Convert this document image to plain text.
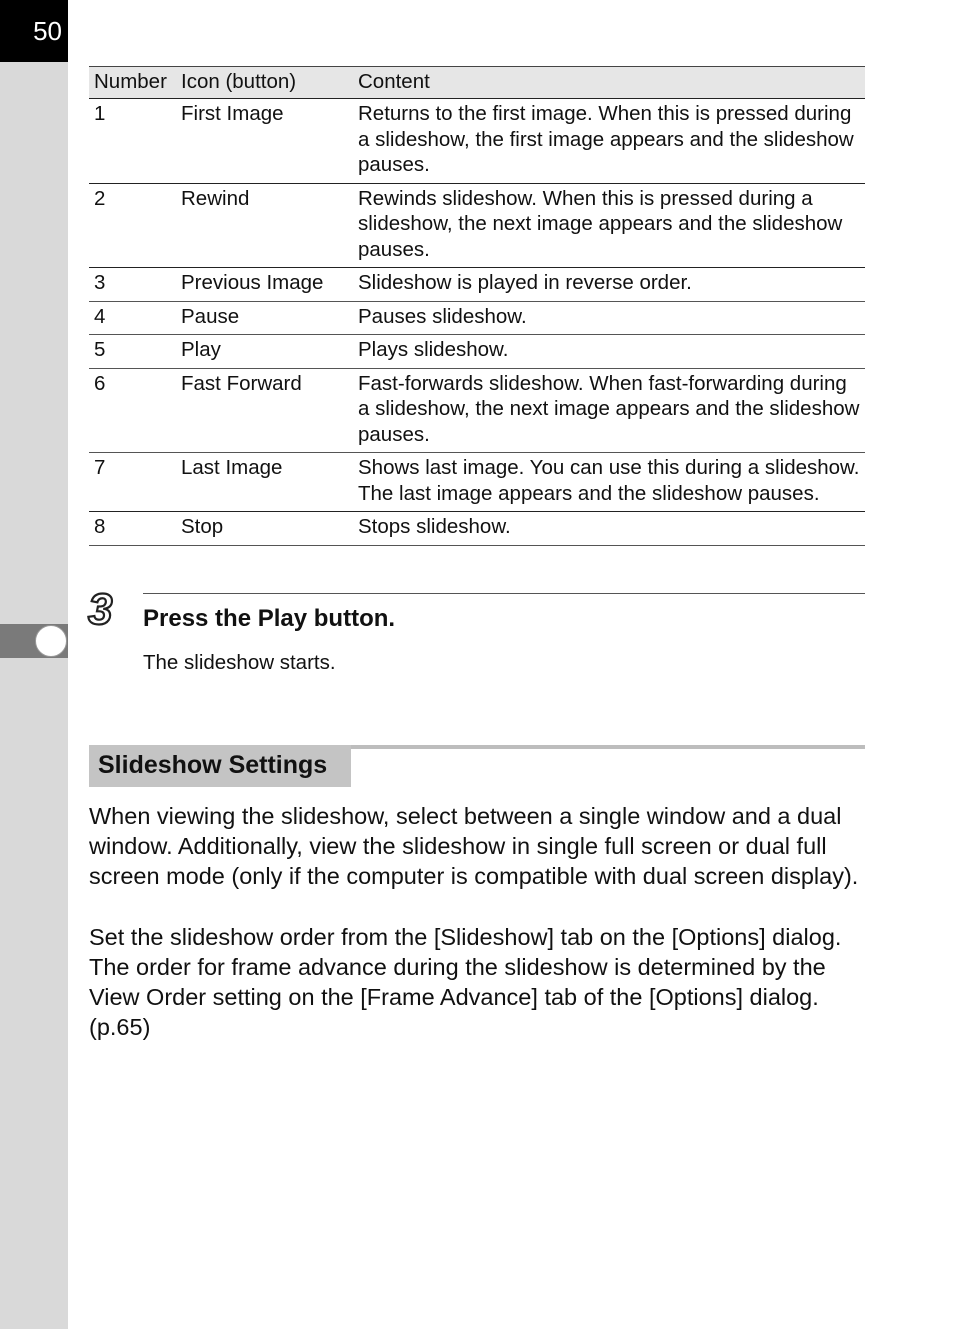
50
Number	Icon (button)	Content
1	First Image	Returns to the first image. When this is pressed during a slideshow, the first image appears and the slideshow pauses.
2	Rewind	Rewinds slideshow. When this is pressed during a slideshow, the next image appears and the slideshow pauses.
3	Previous Image	Slideshow is played in reverse order.
4	Pause	Pauses slideshow.
5	Play	Plays slideshow.
6	Fast Forward	Fast-forwards slideshow. When fast-forwarding during a slideshow, the next image appears and the slideshow pauses.
7	Last Image	Shows last image. You can use this during a slideshow. The last image appears and the slideshow pauses.
8	Stop	Stops slideshow.
3 Press the Play button.
The slideshow starts.
Slideshow Settings

When viewing the slideshow, select between a single window and a dual window. Additionally, view the slideshow in single full screen or dual full screen mode (only if the computer is compatible with dual screen display).

Set the slideshow order from the [Slideshow] tab on the [Options] dialog. The order for frame advance during the slideshow is determined by the View Order setting on the [Frame Advance] tab of the [Options] dialog. (p.65)
